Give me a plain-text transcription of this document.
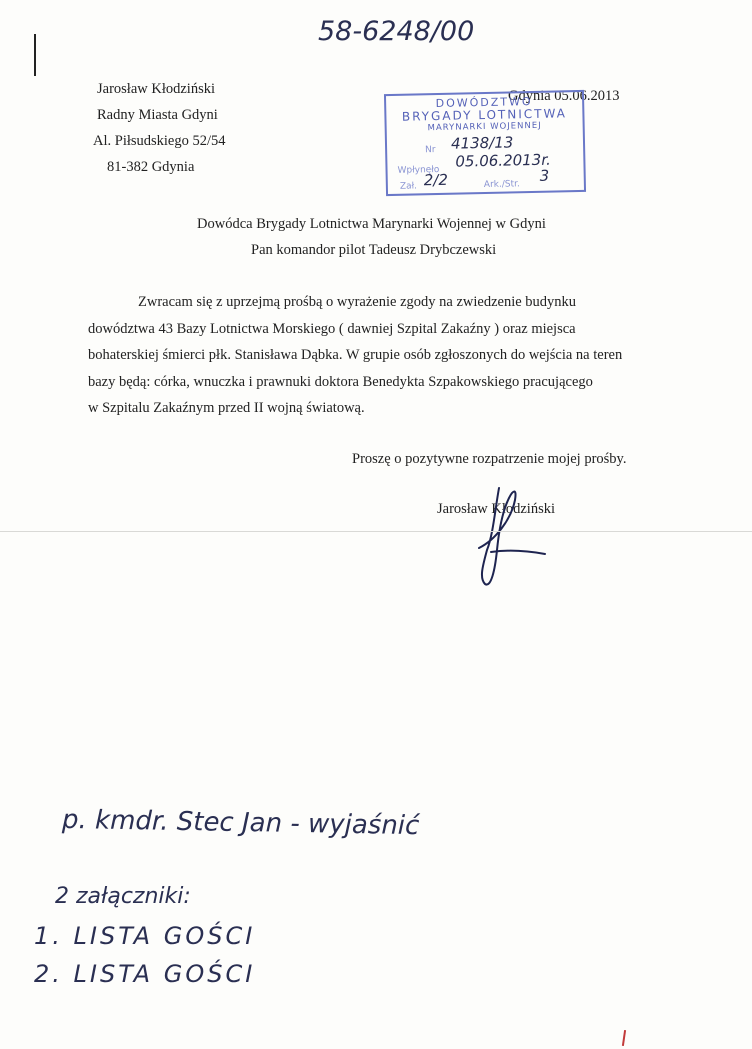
58-6248/00
Jarosław Kłodziński
Radny Miasta Gdyni
Al. Piłsudskiego 52/54
81-382 Gdynia
Gdynia 05.06.2013
DOWÓDZTWO
BRYGADY LOTNICTWA
MARYNARKI WOJENNEJ
Nr 4138/13
Wpłynęło 05.06.2013r.
Zał. 2/2	Ark./Str. 3
Dowódca Brygady Lotnictwa Marynarki Wojennej w Gdyni
Pan komandor pilot Tadeusz Drybczewski

Zwracam się z uprzejmą prośbą o wyrażenie zgody na zwiedzenie budynku

dowództwa 43 Bazy Lotnictwa Morskiego ( dawniej Szpital Zakaźny ) oraz miejsca

bohaterskiej śmierci płk. Stanisława Dąbka. W grupie osób zgłoszonych do wejścia na teren

bazy będą: córka, wnuczka i prawnuki doktora Benedykta Szpakowskiego pracującego

w Szpitalu Zakaźnym przed II wojną światową.

Proszę o pozytywne rozpatrzenie mojej prośby.
Jarosław Kłodziński
p. kmdr. Stec Jan - wyjaśnić
2 załączniki:
1. LISTA GOŚCI
2. LISTA GOŚCI
